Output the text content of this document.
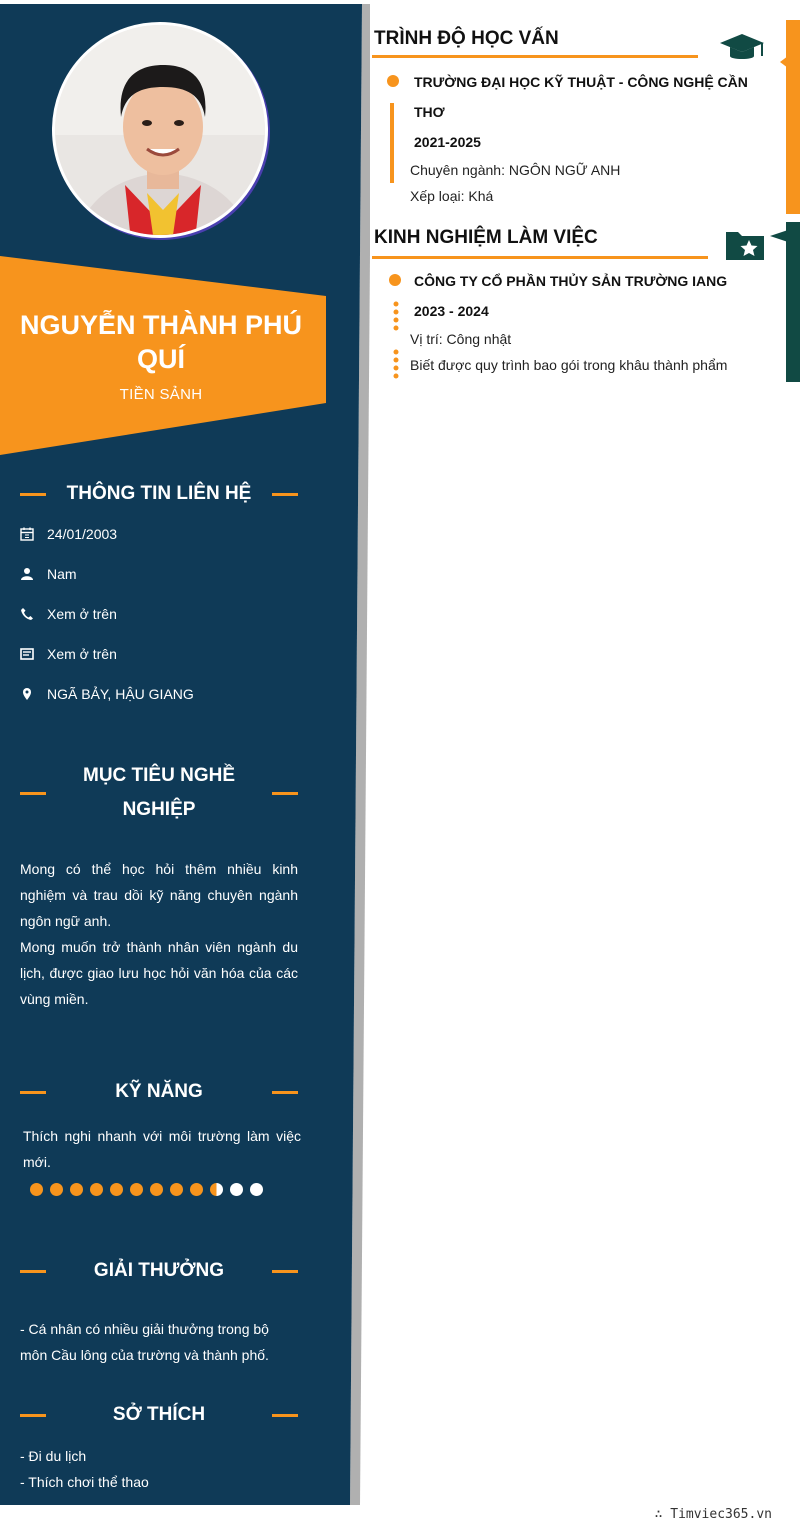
NGUYỄN THÀNH PHÚ QUÍ
TIỀN SẢNH
THÔNG TIN LIÊN HỆ
24/01/2003
Nam
Xem ở trên
Xem ở trên
NGÃ BẢY, HẬU GIANG
MỤC TIÊU NGHỀ
NGHIỆP
Mong có thể học hỏi thêm nhiều kinh nghiệm và trau dồi kỹ năng chuyên ngành ngôn ngữ anh.
Mong muốn trở thành nhân viên ngành du lịch, được giao lưu học hỏi văn hóa của các vùng miền.
KỸ NĂNG
Thích nghi nhanh với môi trường làm việc mới.
GIẢI THƯỞNG
- Cá nhân có nhiều giải thưởng trong bộ môn Cầu lông của trường và thành phố.
SỞ THÍCH
- Đi du lịch
- Thích chơi thể thao
TRÌNH ĐỘ HỌC VẤN
TRƯỜNG ĐẠI HỌC KỸ THUẬT - CÔNG NGHỆ CẦN
THƠ
2021-2025
Chuyên ngành: NGÔN NGỮ ANH
Xếp loại: Khá
KINH NGHIỆM LÀM VIỆC
CÔNG TY CỔ PHẦN THỦY SẢN TRƯỜNG IANG
2023 - 2024
Vị trí: Công nhật
Biết được quy trình bao gói trong khâu thành phẩm
∴ Timviec365.vn
